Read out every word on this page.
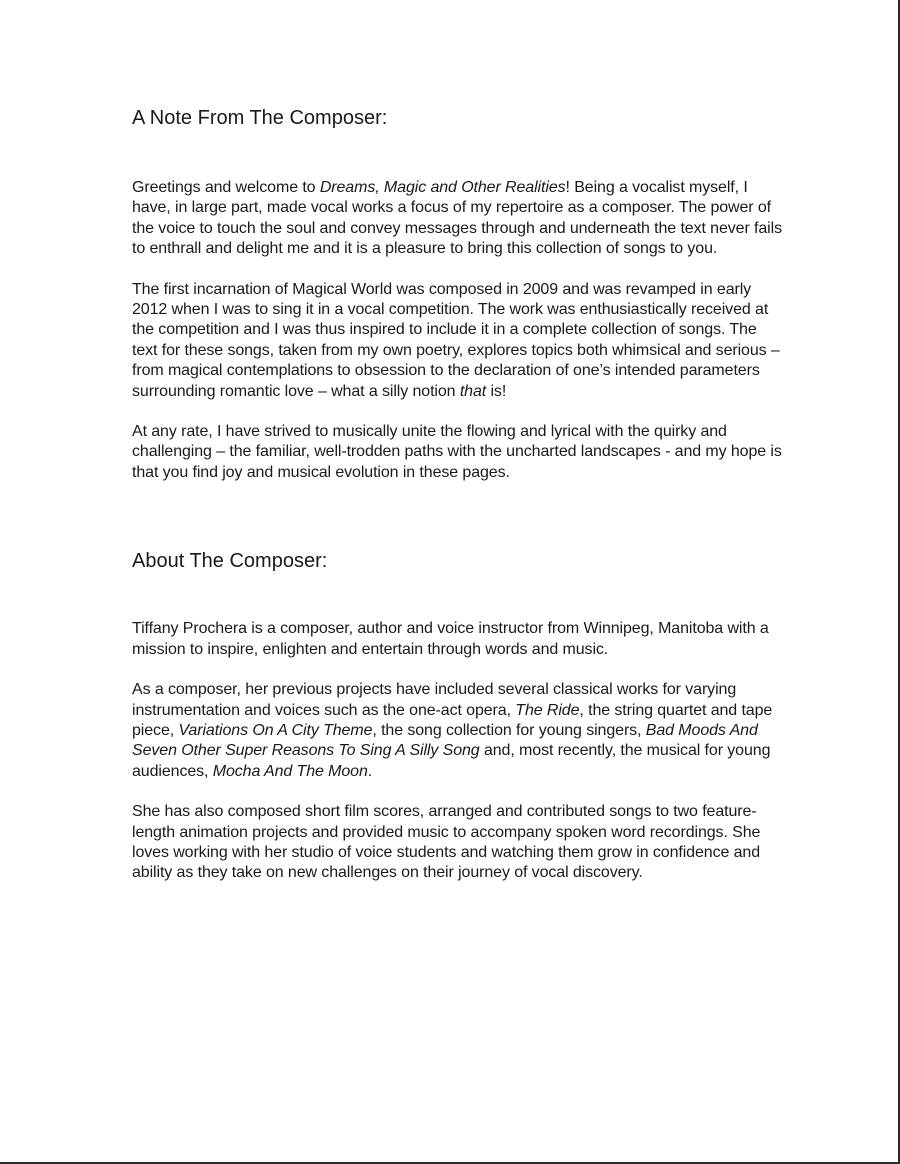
A Note From The Composer:

Greetings and welcome to Dreams, Magic and Other Realities! Being a vocalist myself, I have, in large part, made vocal works a focus of my repertoire as a composer. The power of the voice to touch the soul and convey messages through and underneath the text never fails to enthrall and delight me and it is a pleasure to bring this collection of songs to you.

The first incarnation of Magical World was composed in 2009 and was revamped in early 2012 when I was to sing it in a vocal competition. The work was enthusiastically received at the competition and I was thus inspired to include it in a complete collection of songs. The text for these songs, taken from my own poetry, explores topics both whimsical and serious – from magical contemplations to obsession to the declaration of one’s intended parameters surrounding romantic love – what a silly notion that is!

At any rate, I have strived to musically unite the flowing and lyrical with the quirky and challenging – the familiar, well-trodden paths with the uncharted landscapes - and my hope is that you find joy and musical evolution in these pages.

About The Composer:

Tiffany Prochera is a composer, author and voice instructor from Winnipeg, Manitoba with a mission to inspire, enlighten and entertain through words and music.

As a composer, her previous projects have included several classical works for varying instrumentation and voices such as the one-act opera, The Ride, the string quartet and tape piece, Variations On A City Theme, the song collection for young singers, Bad Moods And Seven Other Super Reasons To Sing A Silly Song and, most recently, the musical for young audiences, Mocha And The Moon.

She has also composed short film scores, arranged and contributed songs to two feature-length animation projects and provided music to accompany spoken word recordings. She loves working with her studio of voice students and watching them grow in confidence and ability as they take on new challenges on their journey of vocal discovery.
